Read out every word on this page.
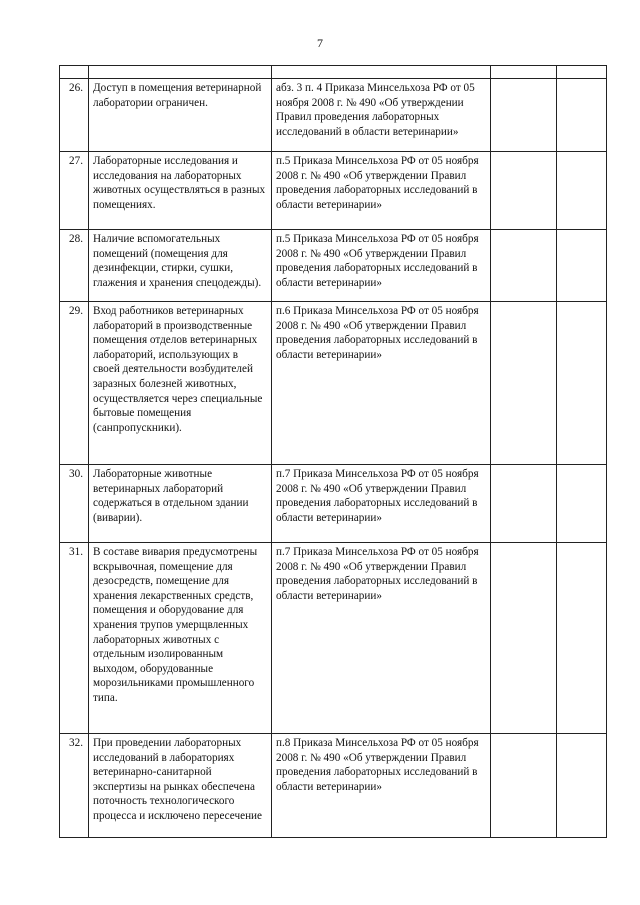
7

26.	Доступ в помещения ветеринарной лаборатории ограничен.	абз. 3 п. 4 Приказа Минсельхоза РФ от 05 ноября 2008 г. № 490 «Об утверждении Правил проведения лабораторных исследований в области ветеринарии»		
27.	Лабораторные исследования и исследования на лабораторных животных осуществляться в разных помещениях.	п.5 Приказа Минсельхоза РФ от 05 ноября 2008 г. № 490 «Об утверждении Правил проведения лабораторных исследований в области ветеринарии»		
28.	Наличие вспомогательных помещений (помещения для дезинфекции, стирки, сушки, глажения и хранения спецодежды).	п.5 Приказа Минсельхоза РФ от 05 ноября 2008 г. № 490 «Об утверждении Правил проведения лабораторных исследований в области ветеринарии»		
29.	Вход работников ветеринарных лабораторий в производственные помещения отделов ветеринарных лабораторий, использующих в своей деятельности возбудителей заразных болезней животных, осуществляется через специальные бытовые помещения (санпропускники).	п.6 Приказа Минсельхоза РФ от 05 ноября 2008 г. № 490 «Об утверждении Правил проведения лабораторных исследований в области ветеринарии»		
30.	Лабораторные животные ветеринарных лабораторий содержаться в отдельном здании (виварии).	п.7 Приказа Минсельхоза РФ от 05 ноября 2008 г. № 490 «Об утверждении Правил проведения лабораторных исследований в области ветеринарии»		
31.	В составе вивария предусмотрены вскрывочная, помещение для дезосредств, помещение для хранения лекарственных средств, помещения и оборудование для хранения трупов умерщвленных лабораторных животных с отдельным изолированным выходом, оборудованные морозильниками промышленного типа.	п.7 Приказа Минсельхоза РФ от 05 ноября 2008 г. № 490 «Об утверждении Правил проведения лабораторных исследований в области ветеринарии»		
32.	При проведении лабораторных исследований в лабораториях ветеринарно-санитарной экспертизы на рынках обеспечена поточность технологического процесса и исключено пересечение	п.8 Приказа Минсельхоза РФ от 05 ноября 2008 г. № 490 «Об утверждении Правил проведения лабораторных исследований в области ветеринарии»		
